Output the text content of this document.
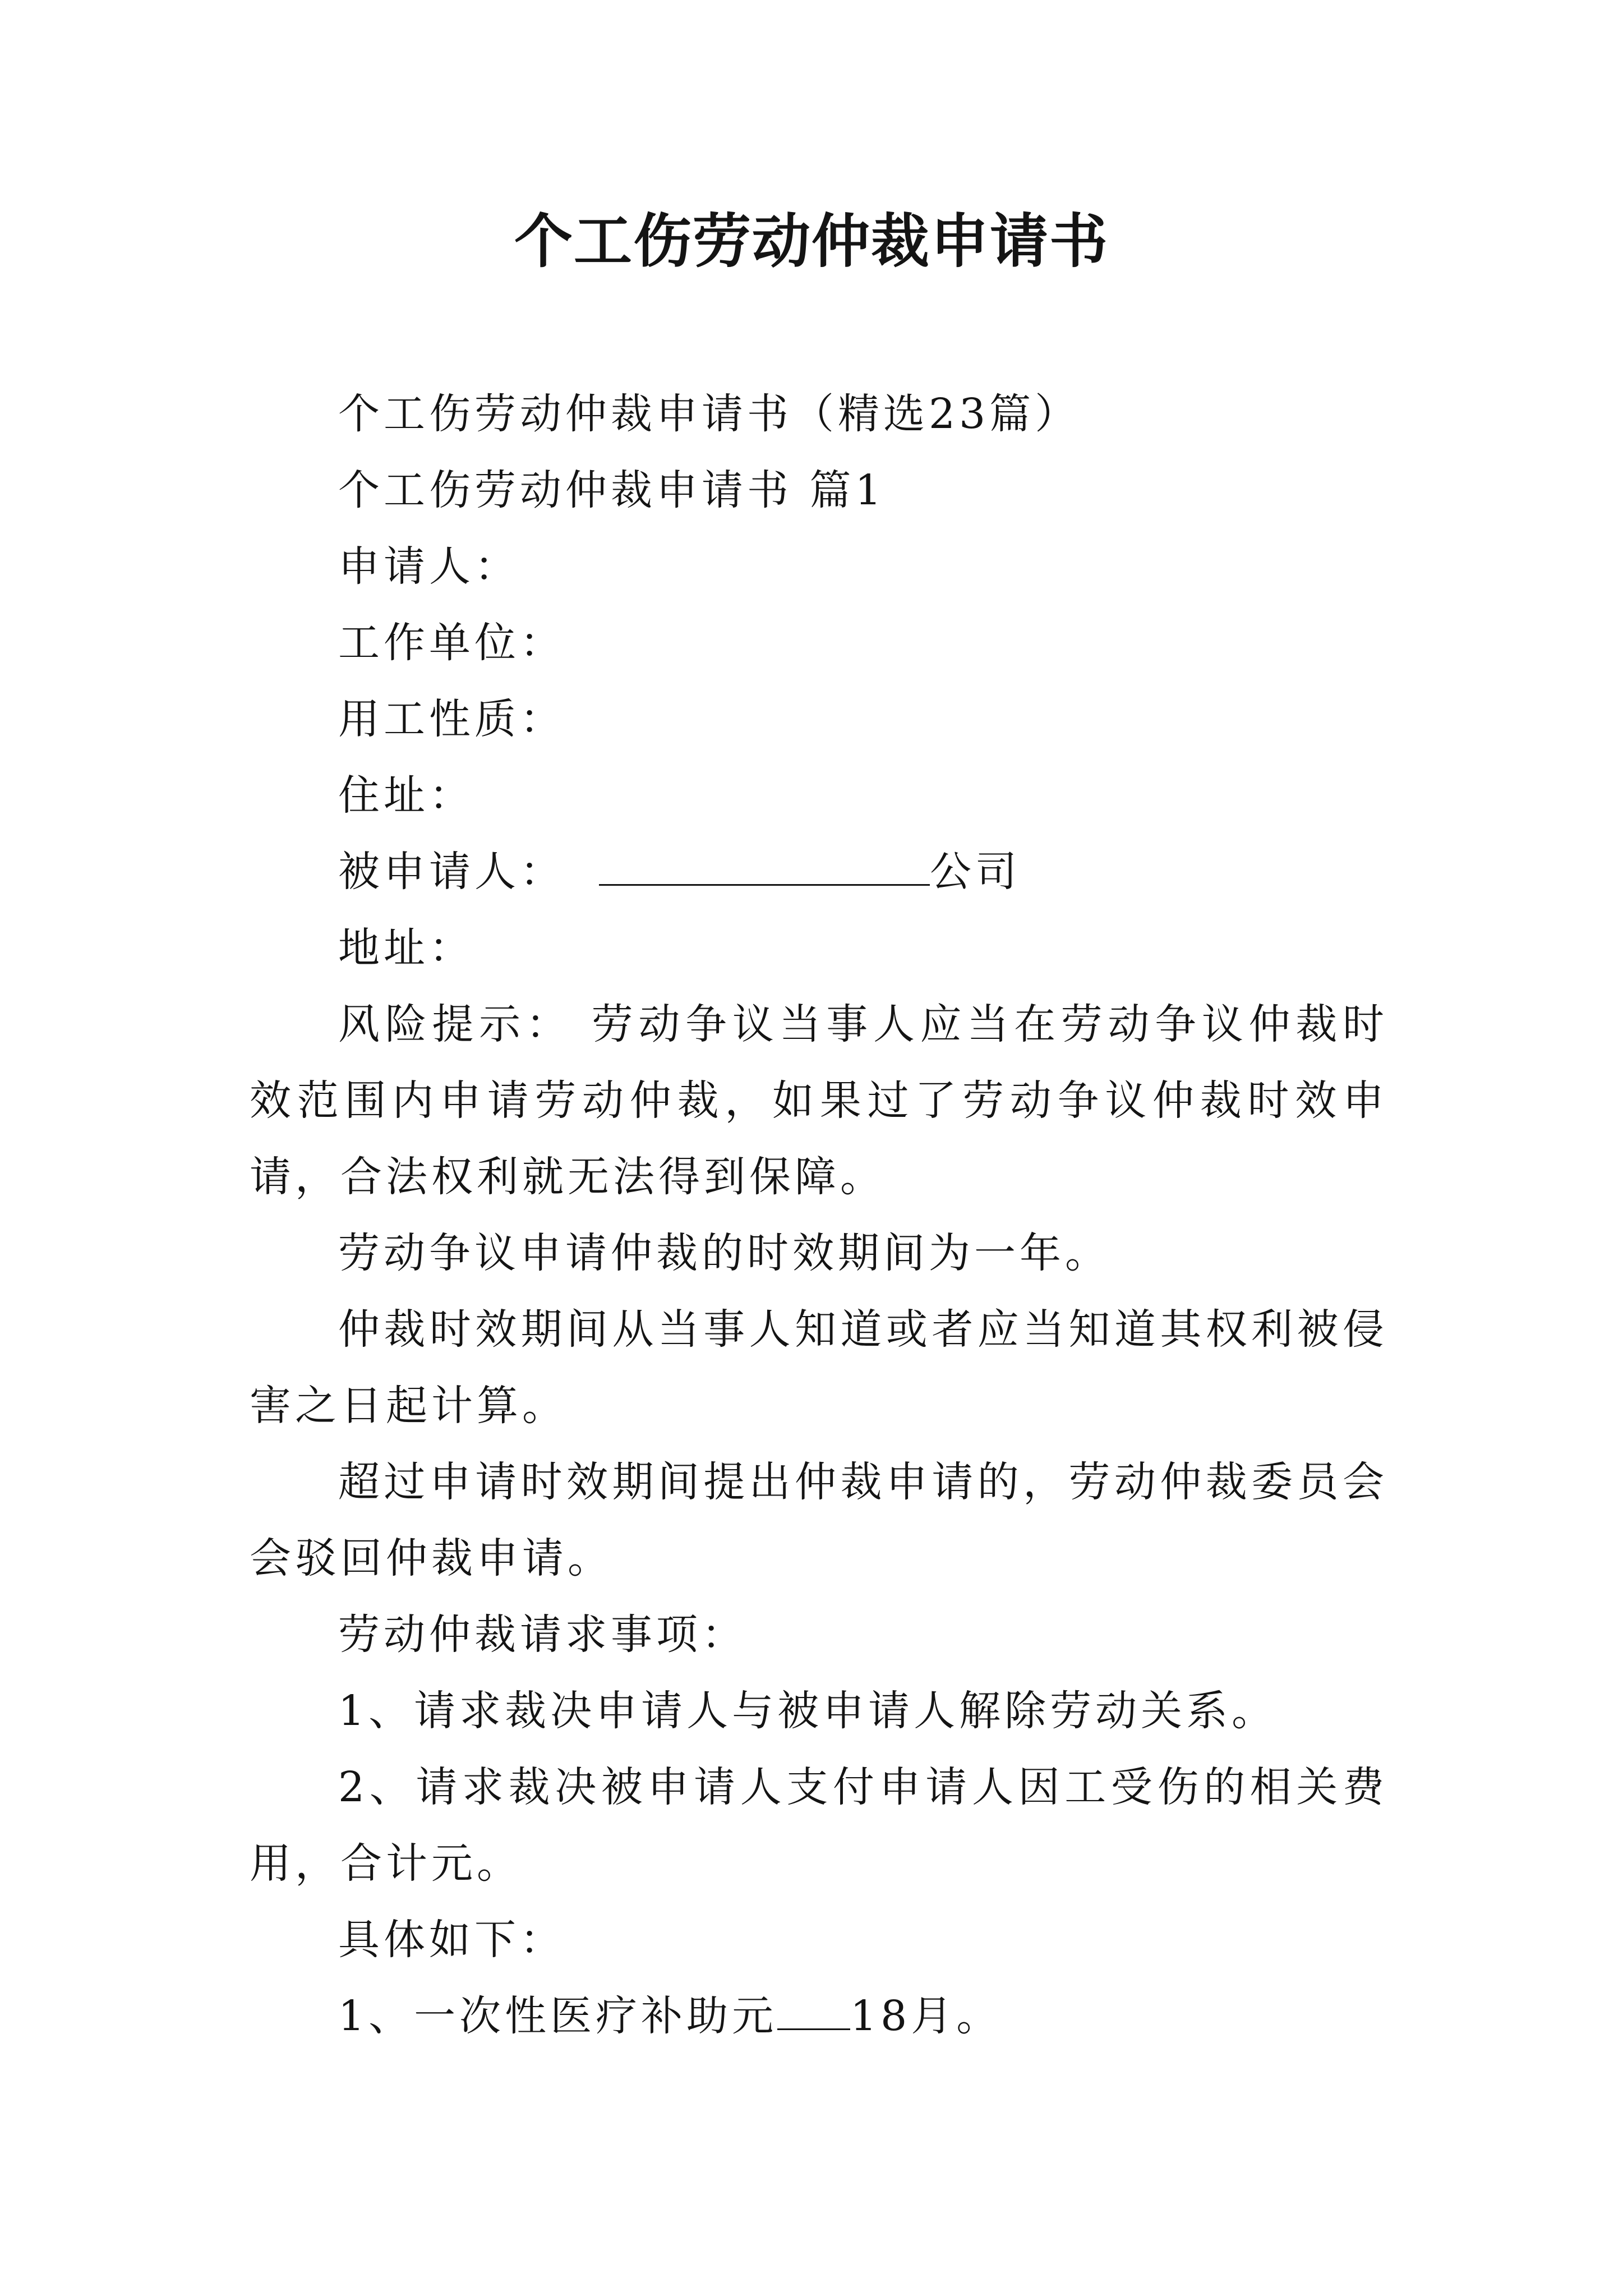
个工伤劳动仲裁申请书

个工伤劳动仲裁申请书（精选23篇）

个工伤劳动仲裁申请书 篇1

申请人：

工作单位：

用工性质：

住址：

被申请人：	公司

地址：

风险提示： 劳动争议当事人应当在劳动争议仲裁时效范围内申请劳动仲裁，如果过了劳动争议仲裁时效申请，合法权利就无法得到保障。

劳动争议申请仲裁的时效期间为一年。

仲裁时效期间从当事人知道或者应当知道其权利被侵害之日起计算。

超过申请时效期间提出仲裁申请的，劳动仲裁委员会会驳回仲裁申请。

劳动仲裁请求事项：

1、请求裁决申请人与被申请人解除劳动关系。

2、请求裁决被申请人支付申请人因工受伤的相关费用，合计元。

具体如下：

1、一次性医疗补助元 18月。
